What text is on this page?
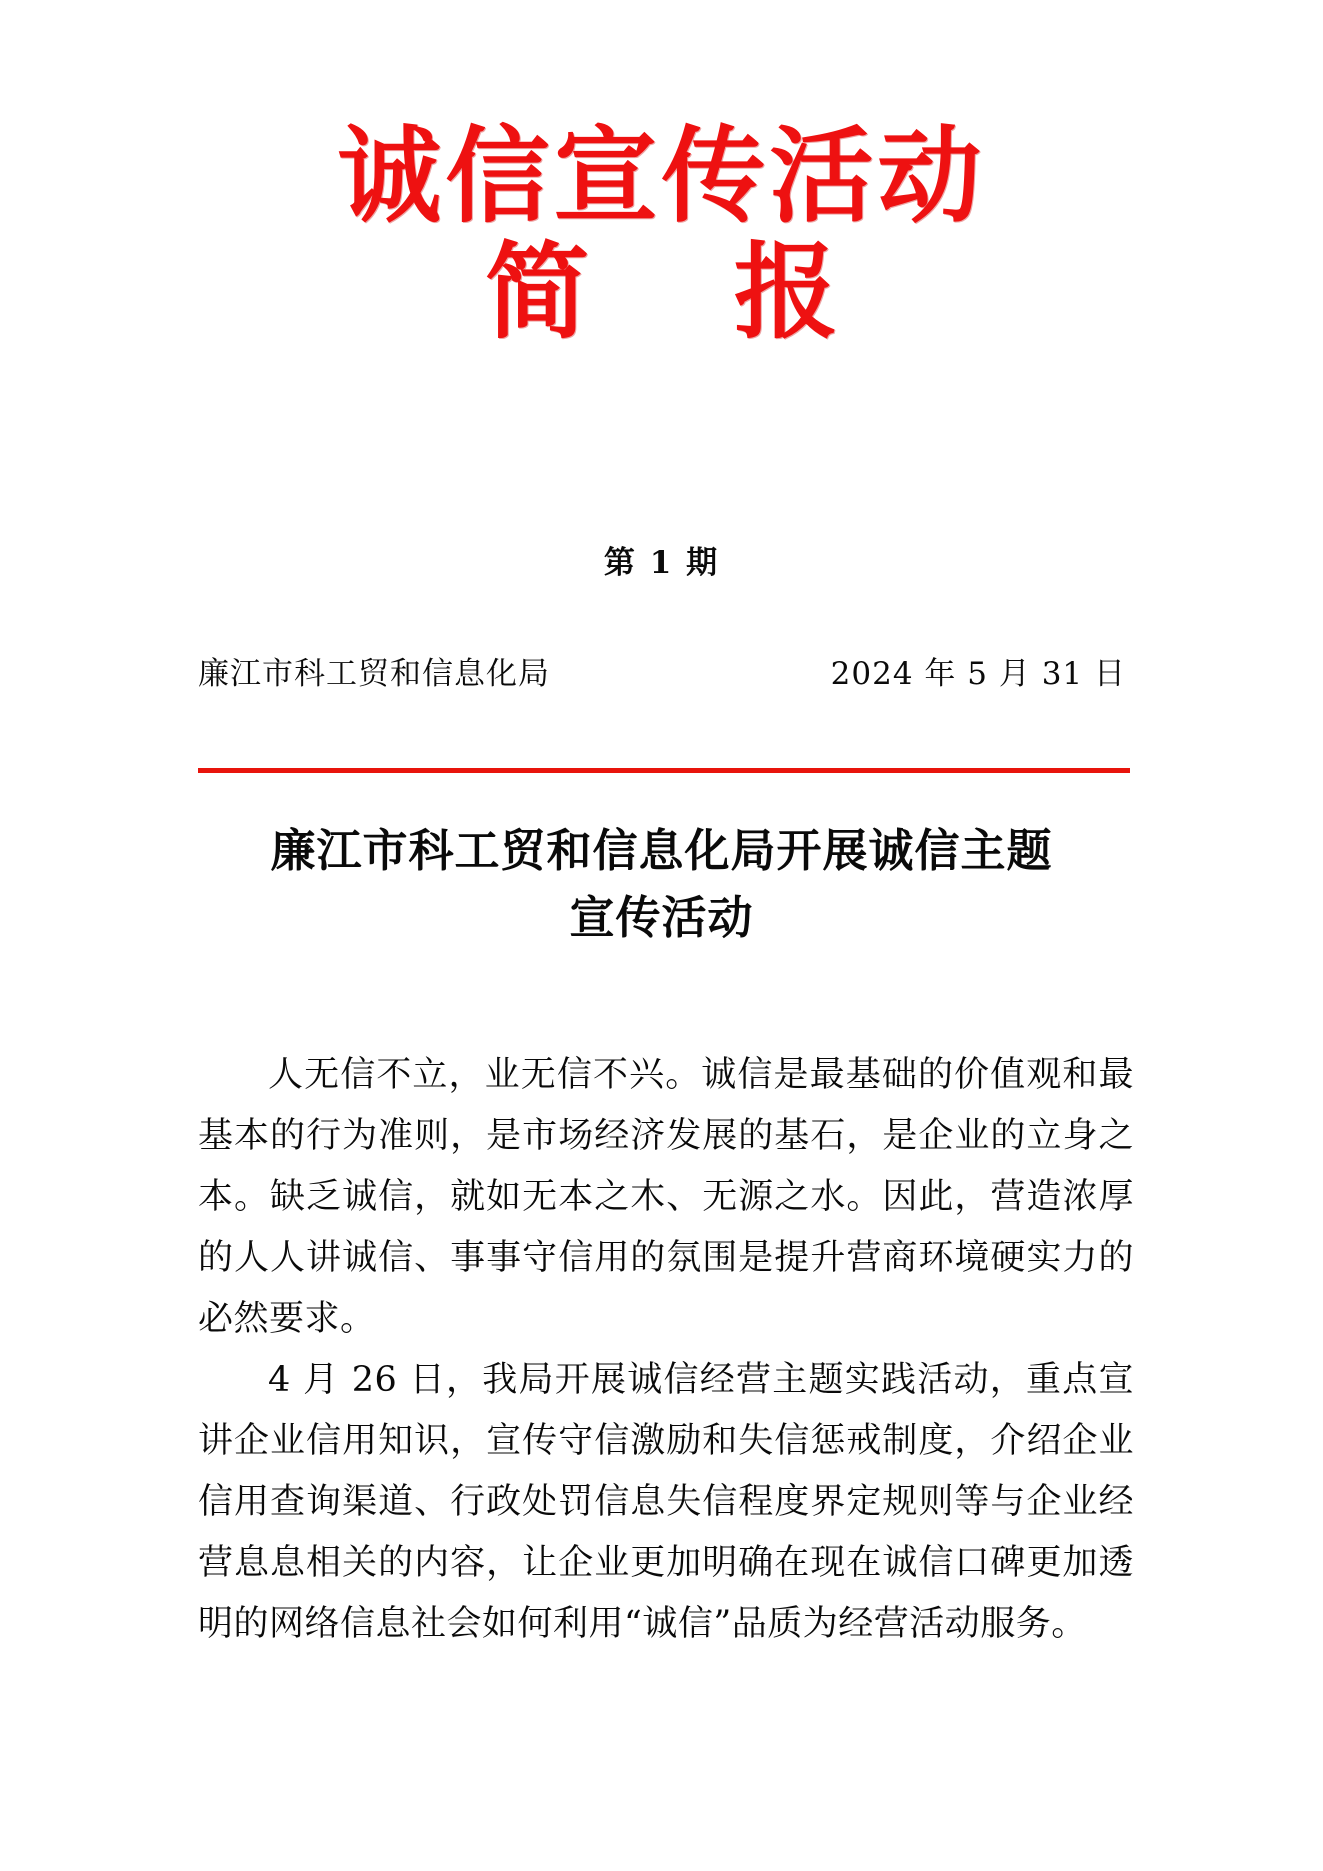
诚信宣传活动
简    报
第 1 期
廉江市科工贸和信息化局	2024 年 5 月 31 日
廉江市科工贸和信息化局开展诚信主题
宣传活动

人无信不立，业无信不兴。诚信是最基础的价值观和最基本的行为准则，是市场经济发展的基石，是企业的立身之本。缺乏诚信，就如无本之木、无源之水。因此，营造浓厚的人人讲诚信、事事守信用的氛围是提升营商环境硬实力的必然要求。

4 月 26 日，我局开展诚信经营主题实践活动，重点宣讲企业信用知识，宣传守信激励和失信惩戒制度，介绍企业信用查询渠道、行政处罚信息失信程度界定规则等与企业经营息息相关的内容，让企业更加明确在现在诚信口碑更加透明的网络信息社会如何利用“诚信”品质为经营活动服务。
